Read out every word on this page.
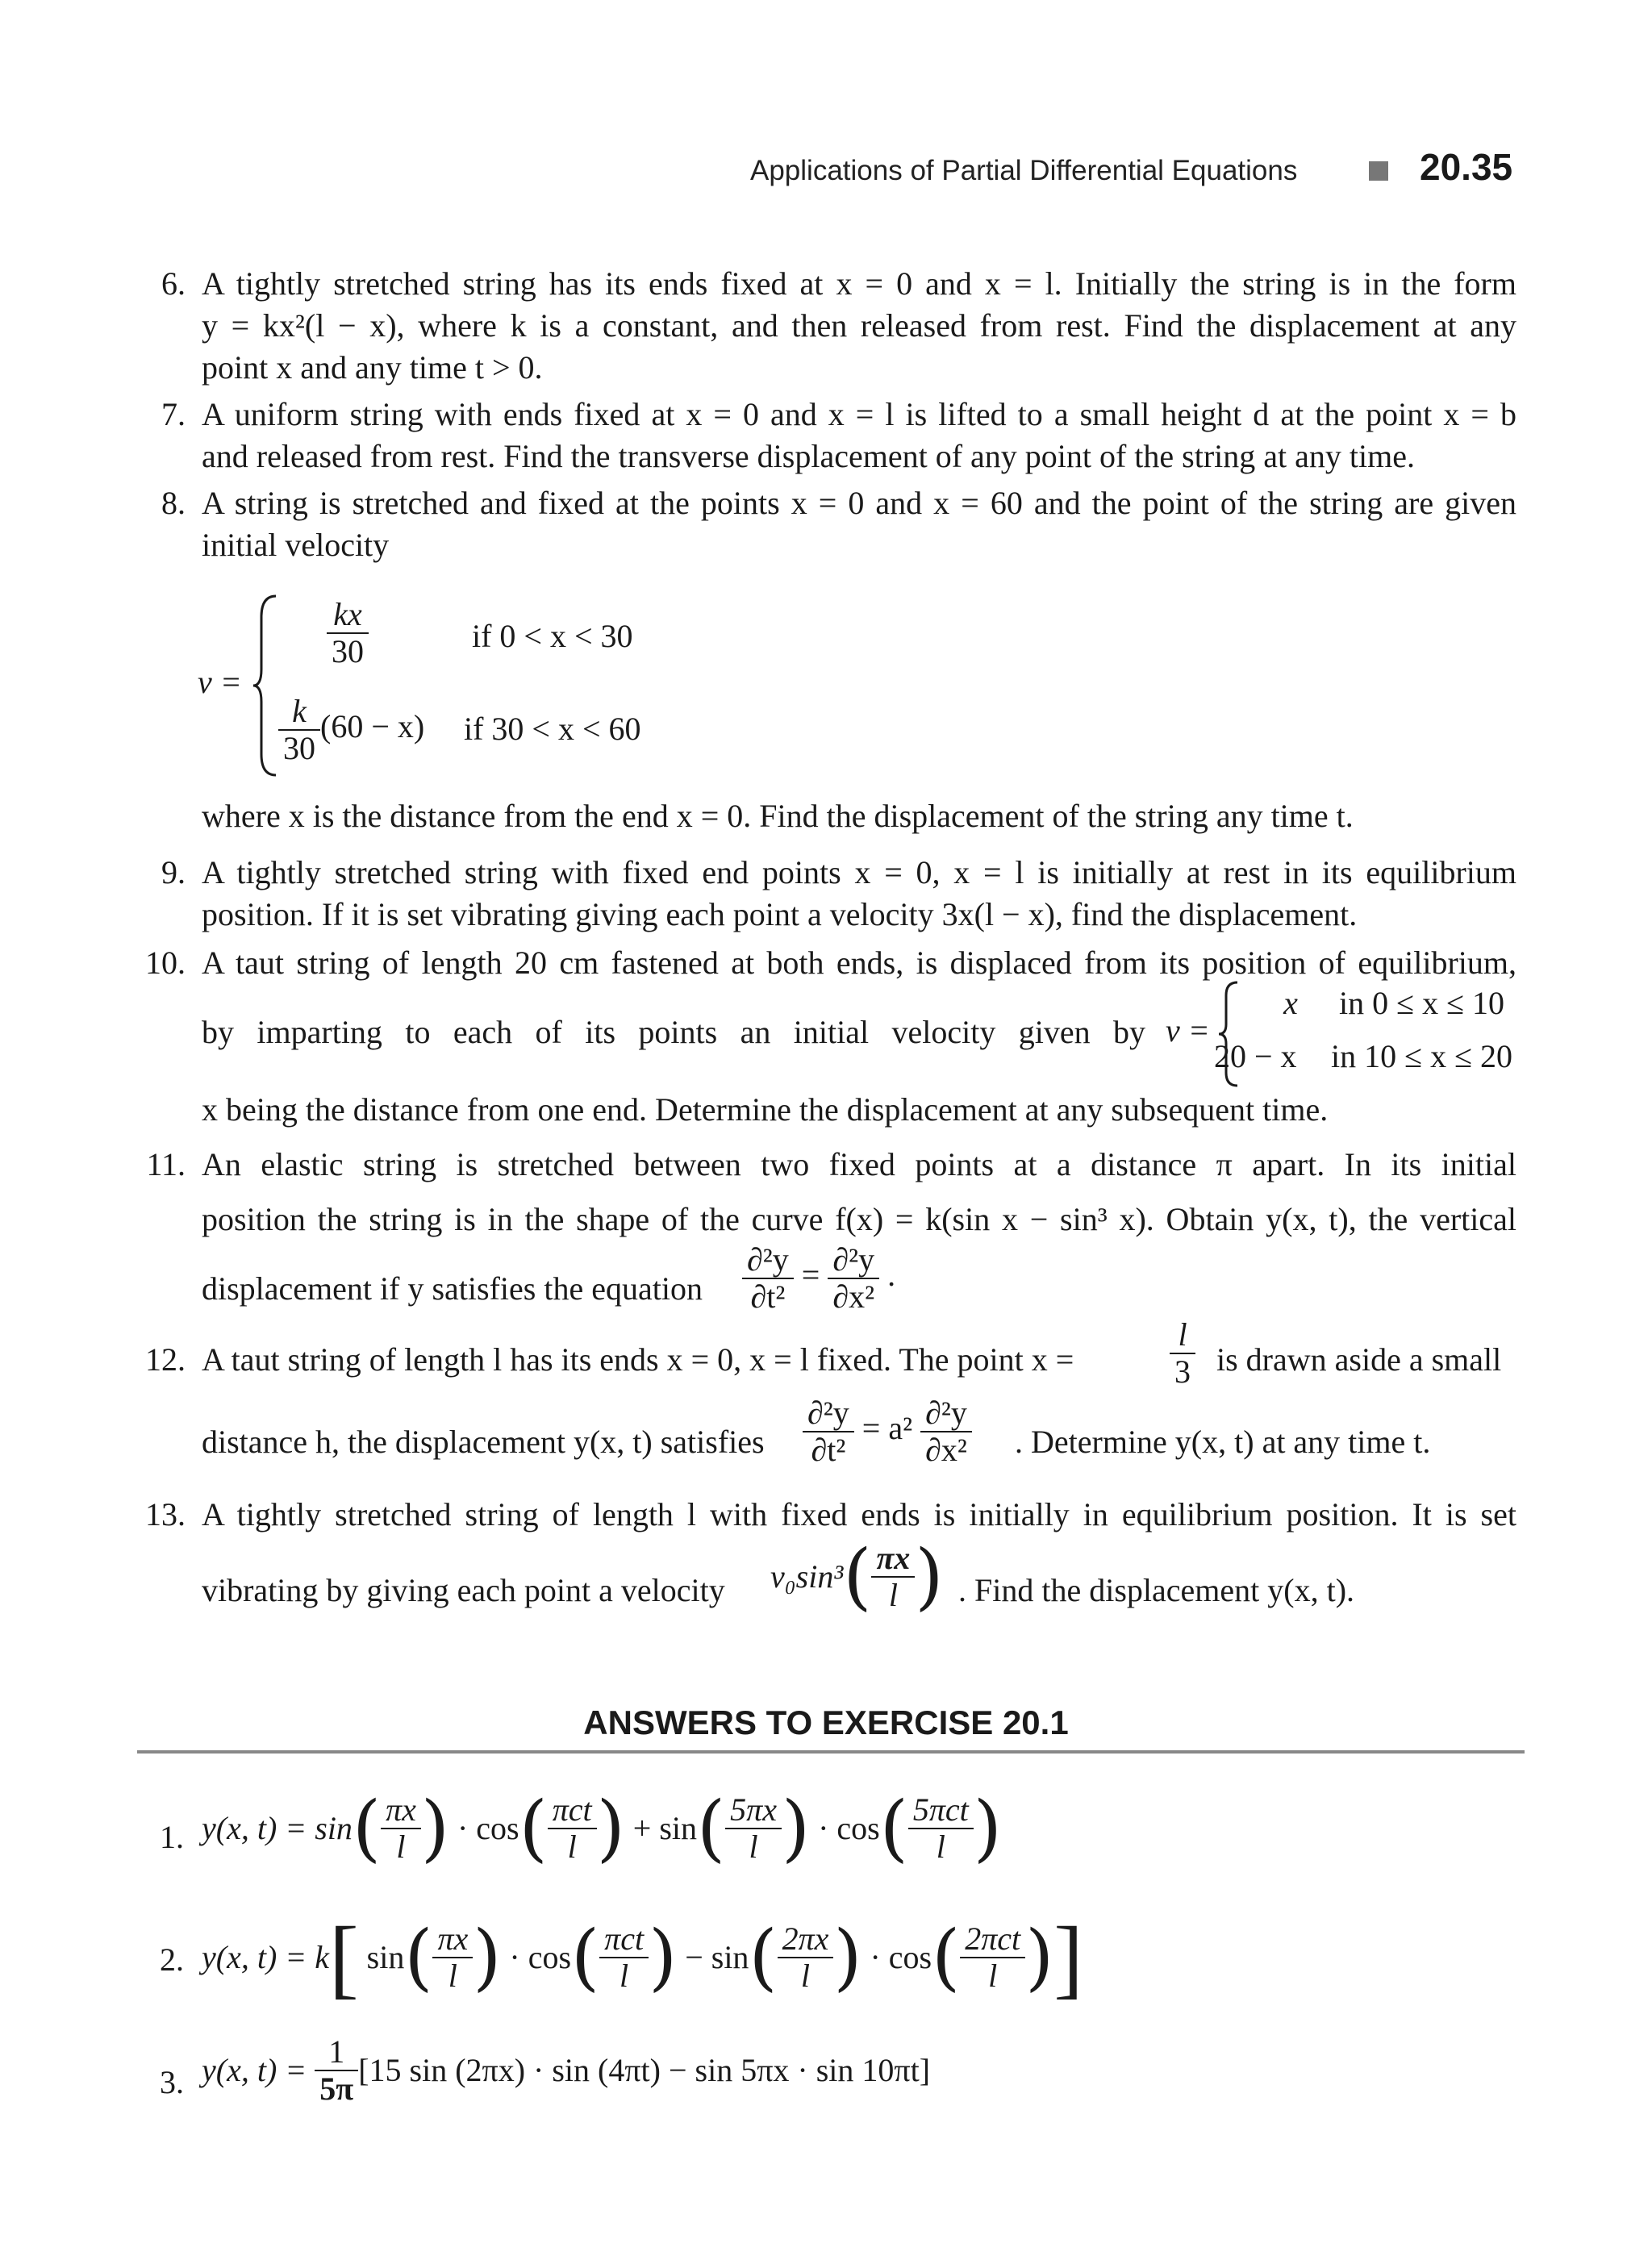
Applications of Partial Differential Equations	20.35
6. A tightly stretched string has its ends fixed at x = 0 and x = l. Initially the string is in the form
y = kx²(l − x), where k is a constant, and then released from rest. Find the displacement at any
point x and any time t > 0.
7. A uniform string with ends fixed at x = 0 and x = l is lifted to a small height d at the point x = b
and released from rest. Find the transverse displacement of any point of the string at any time.
8. A string is stretched and fixed at the points x = 0 and x = 60 and the point of the string are given
initial velocity
v =
$\frac{kx}{30}$	if 0 < x < 30
$\frac{k}{30} (60 - x)$ if 30 < x < 60
where x is the distance from the end x = 0. Find the displacement of the string any time t.
9. A tightly stretched string with fixed end points x = 0, x = l is initially at rest in its equilibrium
position. If it is set vibrating giving each point a velocity 3x(l − x), find the displacement.
10. A taut string of length 20 cm fastened at both ends, is displaced from its position of equilibrium,
by imparting to each of its points an initial velocity given by v =
x	in 0 ≤ x ≤ 10
20 − x in 10 ≤ x ≤ 20
x being the distance from one end. Determine the displacement at any subsequent time.
11. An elastic string is stretched between two fixed points at a distance π apart. In its initial
position the string is in the shape of the curve f(x) = k(sin x − sin³ x). Obtain y(x, t), the vertical
displacement if y satisfies the equation $\frac{\text{∂²y}}{\text{∂t²}} = \frac{\text{∂²y}}{\text{∂x²}}$ .
12. A taut string of length l has its ends x = 0, x = l fixed. The point x =	$\frac{l}{3}$ is drawn aside a small
distance h, the displacement y(x, t) satisfies $\frac{\text{∂²y}}{\text{∂t²}} = a^2 \frac{\text{∂²y}}{\text{∂x²}}$ . Determine y(x, t) at any time t.
13. A tightly stretched string of length l with fixed ends is initially in equilibrium position. It is set
vibrating by giving each point a velocity $v_0\sin^3( \frac{\pi x}{l}$ ) . Find the displacement y(x, t).
ANSWERS TO EXERCISE 20.1
1. y(x, $t) = \sin( \frac{\pi x}{l}$ ) · $\cos( \frac{\text{πct}}{l}$ ) + $\sin( \frac{5\pi x}{l}$ ) · $\cos( \frac{\text{5πct}}{l}$ )
2. y(x, t) = k[ $\sin( \frac{\pi x}{l}$ ) · $\cos( \frac{\text{πct}}{l}$ ) − $\sin( \frac{2\pi x}{l}$ ) · $\cos( \frac{\text{2πct}}{l}$ )]
3. y(x, $t) = \frac{1}{5\pi} [15$ sin (2πx) · sin (4πt) − sin 5πx · sin 10πt]
